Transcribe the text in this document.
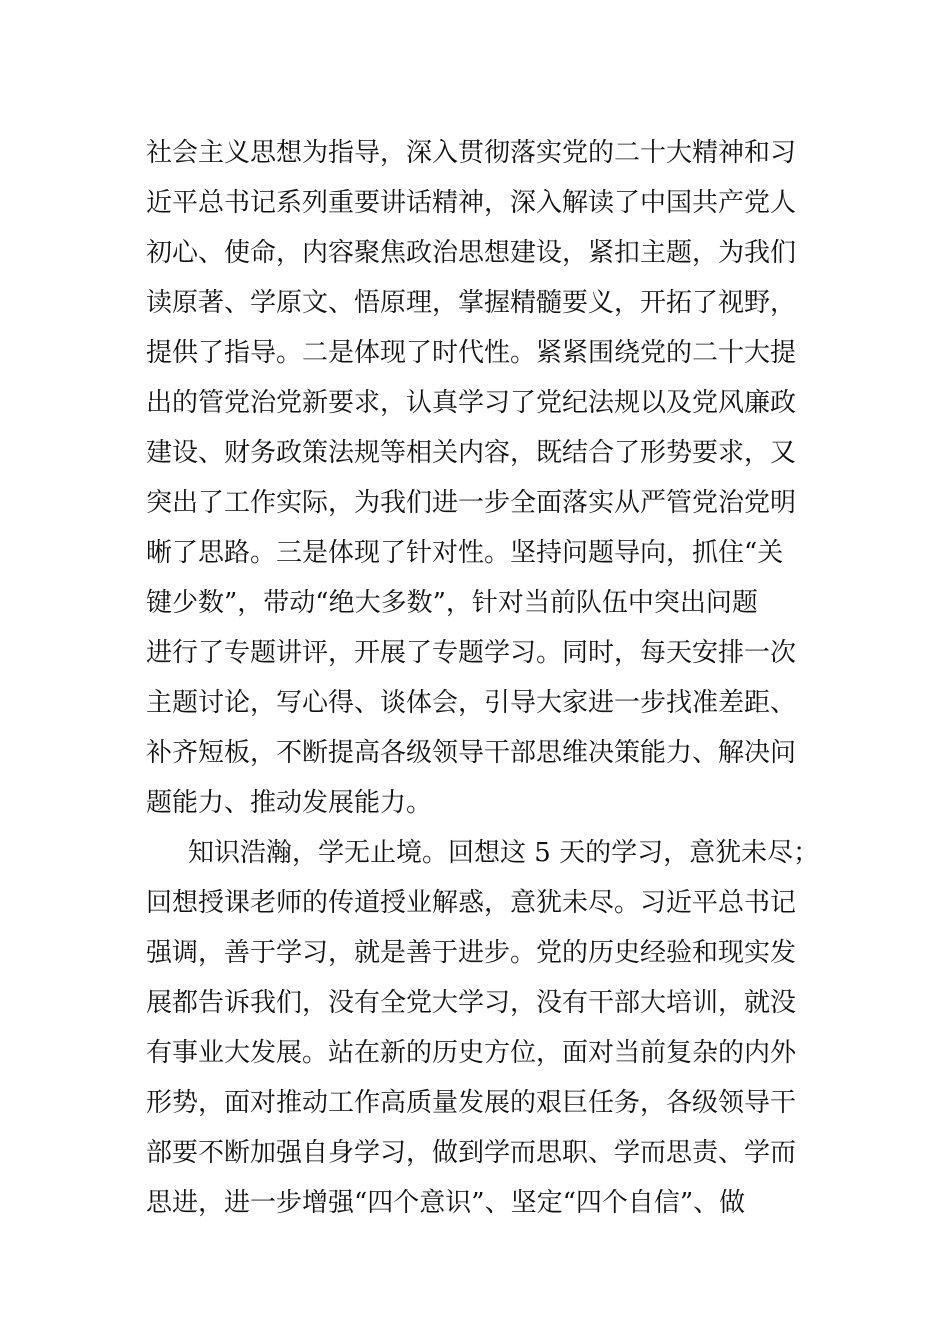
社会主义思想为指导，深入贯彻落实党的二十大精神和习
近平总书记系列重要讲话精神，深入解读了中国共产党人
初心、使命，内容聚焦政治思想建设，紧扣主题，为我们
读原著、学原文、悟原理，掌握精髓要义，开拓了视野，
提供了指导。二是体现了时代性。紧紧围绕党的二十大提
出的管党治党新要求，认真学习了党纪法规以及党风廉政
建设、财务政策法规等相关内容，既结合了形势要求，又
突出了工作实际，为我们进一步全面落实从严管党治党明
晰了思路。三是体现了针对性。坚持问题导向，抓住“关
键少数”，带动“绝大多数”，针对当前队伍中突出问题
进行了专题讲评，开展了专题学习。同时，每天安排一次
主题讨论，写心得、谈体会，引导大家进一步找准差距、
补齐短板，不断提高各级领导干部思维决策能力、解决问
题能力、推动发展能力。
知识浩瀚，学无止境。回想这 5 天的学习，意犹未尽；
回想授课老师的传道授业解惑，意犹未尽。习近平总书记
强调，善于学习，就是善于进步。党的历史经验和现实发
展都告诉我们，没有全党大学习，没有干部大培训，就没
有事业大发展。站在新的历史方位，面对当前复杂的内外
形势，面对推动工作高质量发展的艰巨任务，各级领导干
部要不断加强自身学习，做到学而思职、学而思责、学而
思进，进一步增强“四个意识”、坚定“四个自信”、做
